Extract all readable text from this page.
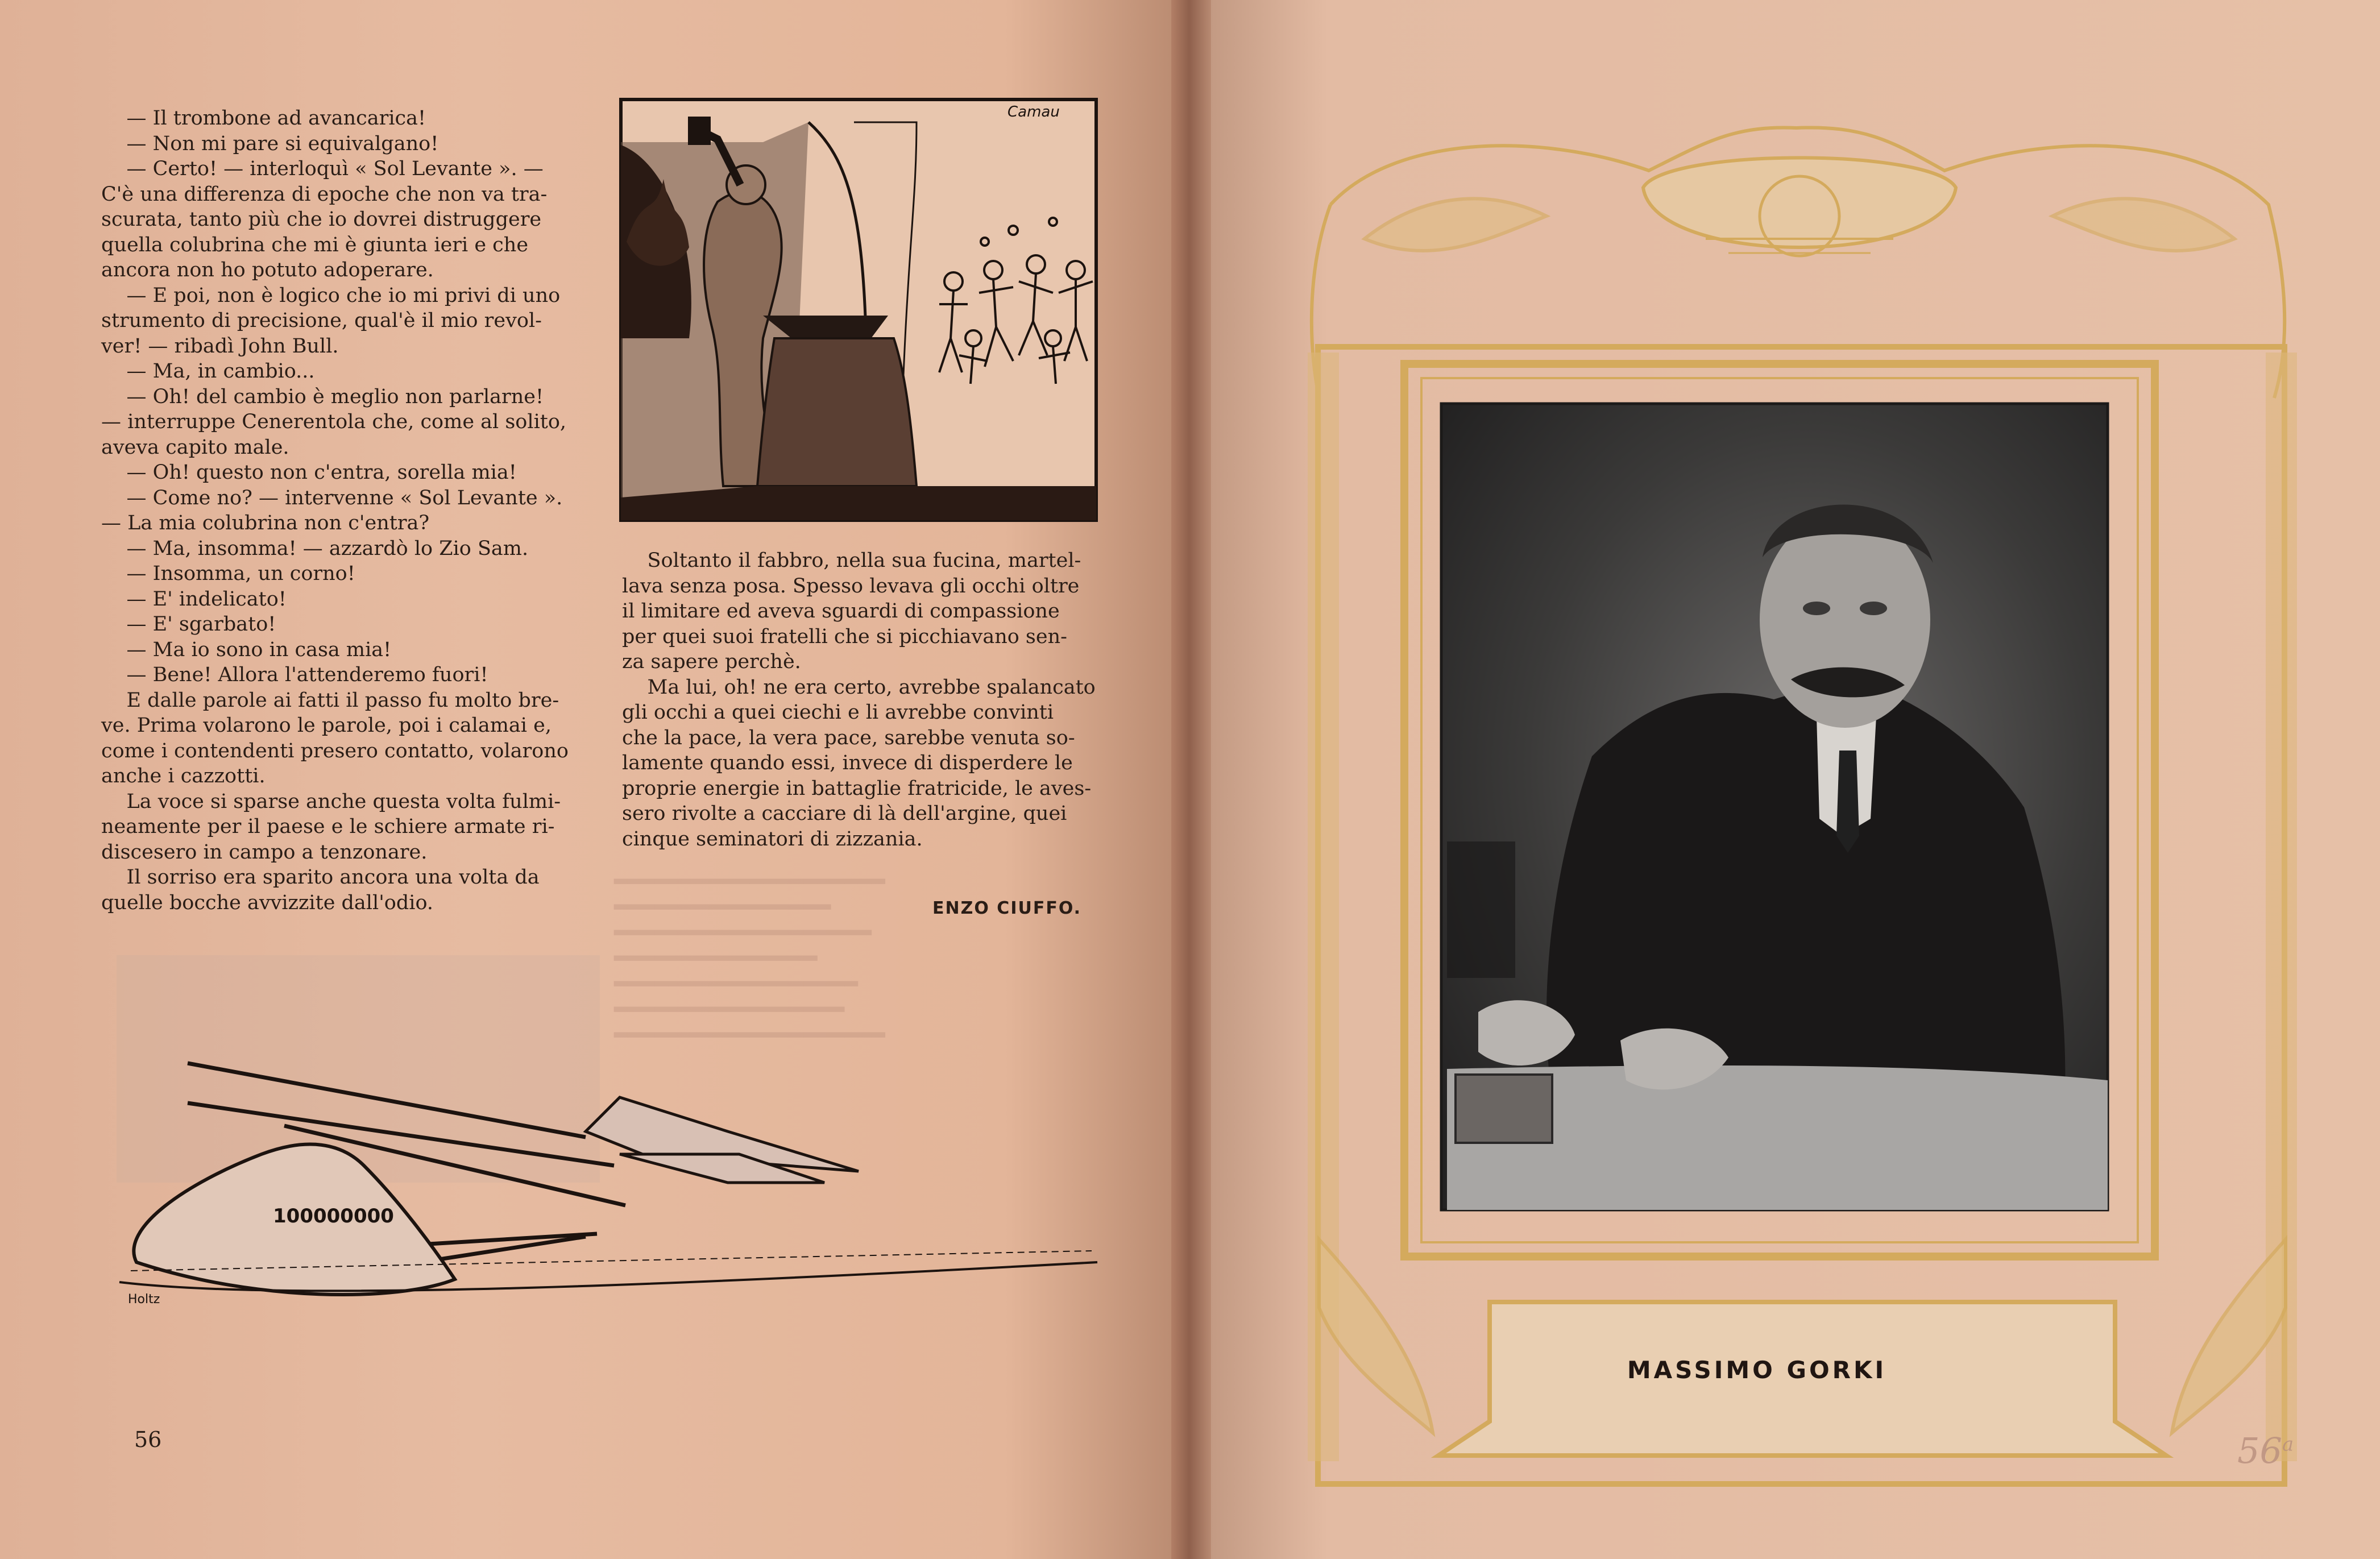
▂▂▂▂▂▂▂▂▂▂▂▂▂▂▂▂▂▂▂▂
▂▂▂▂▂▂▂▂▂▂▂▂▂▂▂▂
▂▂▂▂▂▂▂▂▂▂▂▂▂▂▂▂▂▂▂
▂▂▂▂▂▂▂▂▂▂▂▂▂▂▂
▂▂▂▂▂▂▂▂▂▂▂▂▂▂▂▂▂▂
▂▂▂▂▂▂▂▂▂▂▂▂▂▂▂▂▂
▂▂▂▂▂▂▂▂▂▂▂▂▂▂▂▂▂▂▂▂

— Il trombone ad avancarica!

— Non mi pare si equivalgano!

— Certo! — interloquì « Sol Levante ». —

C'è una differenza di epoche che non va tra-

scurata, tanto più che io dovrei distruggere

quella colubrina che mi è giunta ieri e che

ancora non ho potuto adoperare.

— E poi, non è logico che io mi privi di uno

strumento di precisione, qual'è il mio revol-

ver! — ribadì John Bull.

— Ma, in cambio...

— Oh! del cambio è meglio non parlarne!

— interruppe Cenerentola che, come al solito,

aveva capito male.

— Oh! questo non c'entra, sorella mia!

— Come no? — intervenne « Sol Levante ».

— La mia colubrina non c'entra?

— Ma, insomma! — azzardò lo Zio Sam.

— Insomma, un corno!

— E' indelicato!

— E' sgarbato!

— Ma io sono in casa mia!

— Bene! Allora l'attenderemo fuori!

E dalle parole ai fatti il passo fu molto bre-

ve. Prima volarono le parole, poi i calamai e,

come i contendenti presero contatto, volarono

anche i cazzotti.

La voce si sparse anche questa volta fulmi-

neamente per il paese e le schiere armate ri-

discesero in campo a tenzonare.

Il sorriso era sparito ancora una volta da

quelle bocche avvizzite dall'odio.

Camau
100000000
Holtz

Soltanto il fabbro, nella sua fucina, martel-

lava senza posa. Spesso levava gli occhi oltre

il limitare ed aveva sguardi di compassione

per quei suoi fratelli che si picchiavano sen-

za sapere perchè.

Ma lui, oh! ne era certo, avrebbe spalancato

gli occhi a quei ciechi e li avrebbe convinti

che la pace, la vera pace, sarebbe venuta so-

lamente quando essi, invece di disperdere le

proprie energie in battaglie fratricide, le aves-

sero rivolte a cacciare di là dell'argine, quei

cinque seminatori di zizzania.

ENZO CIUFFO.
56
MASSIMO GORKI
56$^a$
